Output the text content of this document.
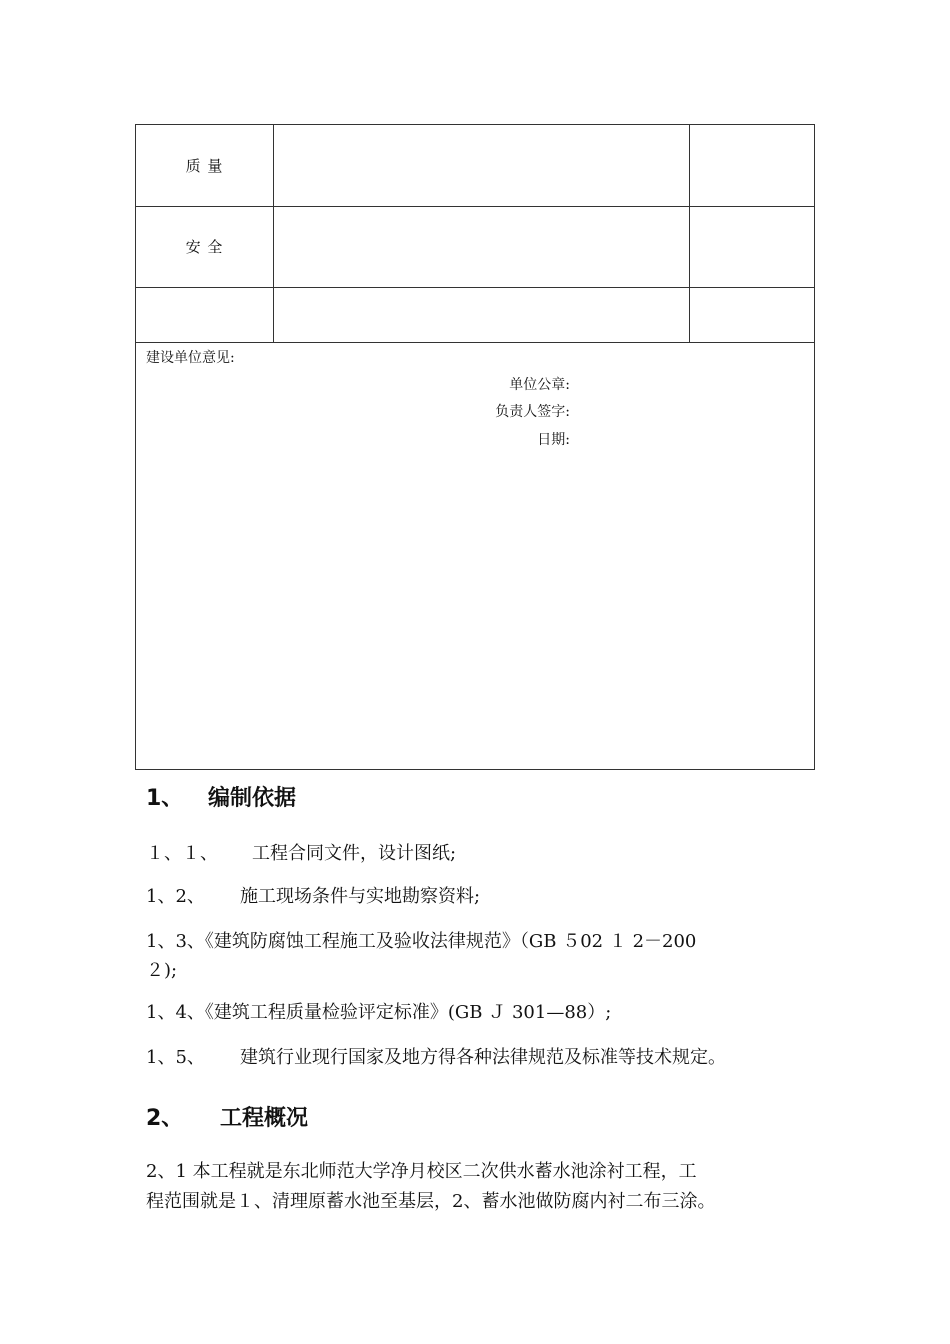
质 量
安 全
建设单位意见:
单位公章:
负责人签字:
日期:
1、 编制依据
１、１、 工程合同文件，设计图纸;
1、2、 施工现场条件与实地勘察资料;
1、3、《建筑防腐蚀工程施工及验收法律规范》（GB ５02 １ 2－200
２);
1、4、《建筑工程质量检验评定标准》(GB Ｊ 301—88）;
1、5、 建筑行业现行国家及地方得各种法律规范及标准等技术规定。
2、 工程概况
2、1 本工程就是东北师范大学净月校区二次供水蓄水池涂衬工程，工
程范围就是１、清理原蓄水池至基层，2、蓄水池做防腐内衬二布三涂。
